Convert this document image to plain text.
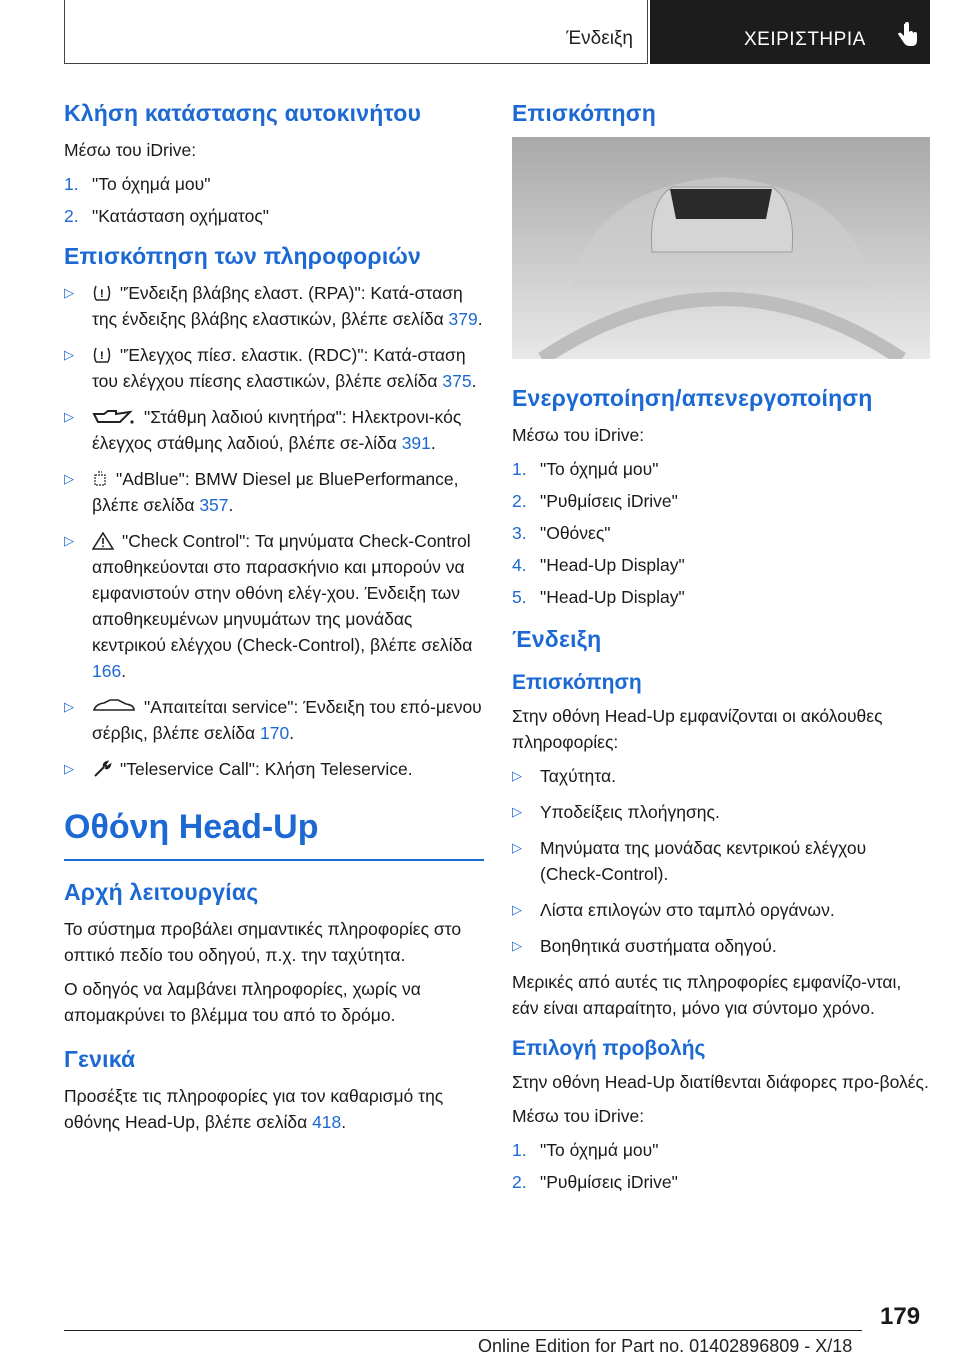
Ένδειξη	ΧΕΙΡΙΣΤΗΡΙΑ
Κλήση κατάστασης αυτοκινήτου

Μέσω του iDrive:

1. "Το όχημά μου"
2. "Κατάσταση οχήματος"
Επισκόπηση των πληροφοριών
▷ ! "Ένδειξη βλάβης ελαστ. (RPA)": Κατά-σταση της ένδειξης βλάβης ελαστικών, βλέπε σελίδα 379.
▷ ! "Έλεγχος πίεσ. ελαστικ. (RDC)": Κατά-σταση του ελέγχου πίεσης ελαστικών, βλέπε σελίδα 375.
▷	"Στάθμη λαδιού κινητήρα": Ηλεκτρονι-κός έλεγχος στάθμης λαδιού, βλέπε σε-λίδα 391.
▷ "AdBlue": BMW Diesel με BluePerformance, βλέπε σελίδα 357.
▷	"Check Control": Τα μηνύματα Check-Control αποθηκεύονται στο παρασκήνιο και μπορούν να εμφανιστούν στην οθόνη ελέγ-χου. Ένδειξη των αποθηκευμένων μηνυμάτων της μονάδας κεντρικού ελέγχου (Check-Control), βλέπε σελίδα 166.
▷	"Απαιτείται service": Ένδειξη του επό-μενου σέρβις, βλέπε σελίδα 170.
▷	"Teleservice Call": Κλήση Teleservice.
Οθόνη Head-Up
Αρχή λειτουργίας

Το σύστημα προβάλει σημαντικές πληροφορίες στο οπτικό πεδίο του οδηγού, π.χ. την ταχύτητα.

Ο οδηγός να λαμβάνει πληροφορίες, χωρίς να απομακρύνει το βλέμμα του από το δρόμο.

Γενικά

Προσέξτε τις πληροφορίες για τον καθαρισμό της οθόνης Head-Up, βλέπε σελίδα 418.

Επισκόπηση
Ενεργοποίηση/απενεργοποίηση

Μέσω του iDrive:

1. "Το όχημά μου"
2. "Ρυθμίσεις iDrive"
3. "Οθόνες"
4. "Head-Up Display"
5. "Head-Up Display"
Ένδειξη
Επισκόπηση

Στην οθόνη Head-Up εμφανίζονται οι ακόλουθες πληροφορίες:

▷ Ταχύτητα.
▷ Υποδείξεις πλοήγησης.
▷ Μηνύματα της μονάδας κεντρικού ελέγχου (Check-Control).
▷ Λίστα επιλογών στο ταμπλό οργάνων.
▷ Βοηθητικά συστήματα οδηγού.

Μερικές από αυτές τις πληροφορίες εμφανίζο-νται, εάν είναι απαραίτητο, μόνο για σύντομο χρόνο.

Επιλογή προβολής

Στην οθόνη Head-Up διατίθενται διάφορες προ-βολές.

Μέσω του iDrive:

1. "Το όχημά μου"
2. "Ρυθμίσεις iDrive"
179
Online Edition for Part no. 01402896809 - X/18
